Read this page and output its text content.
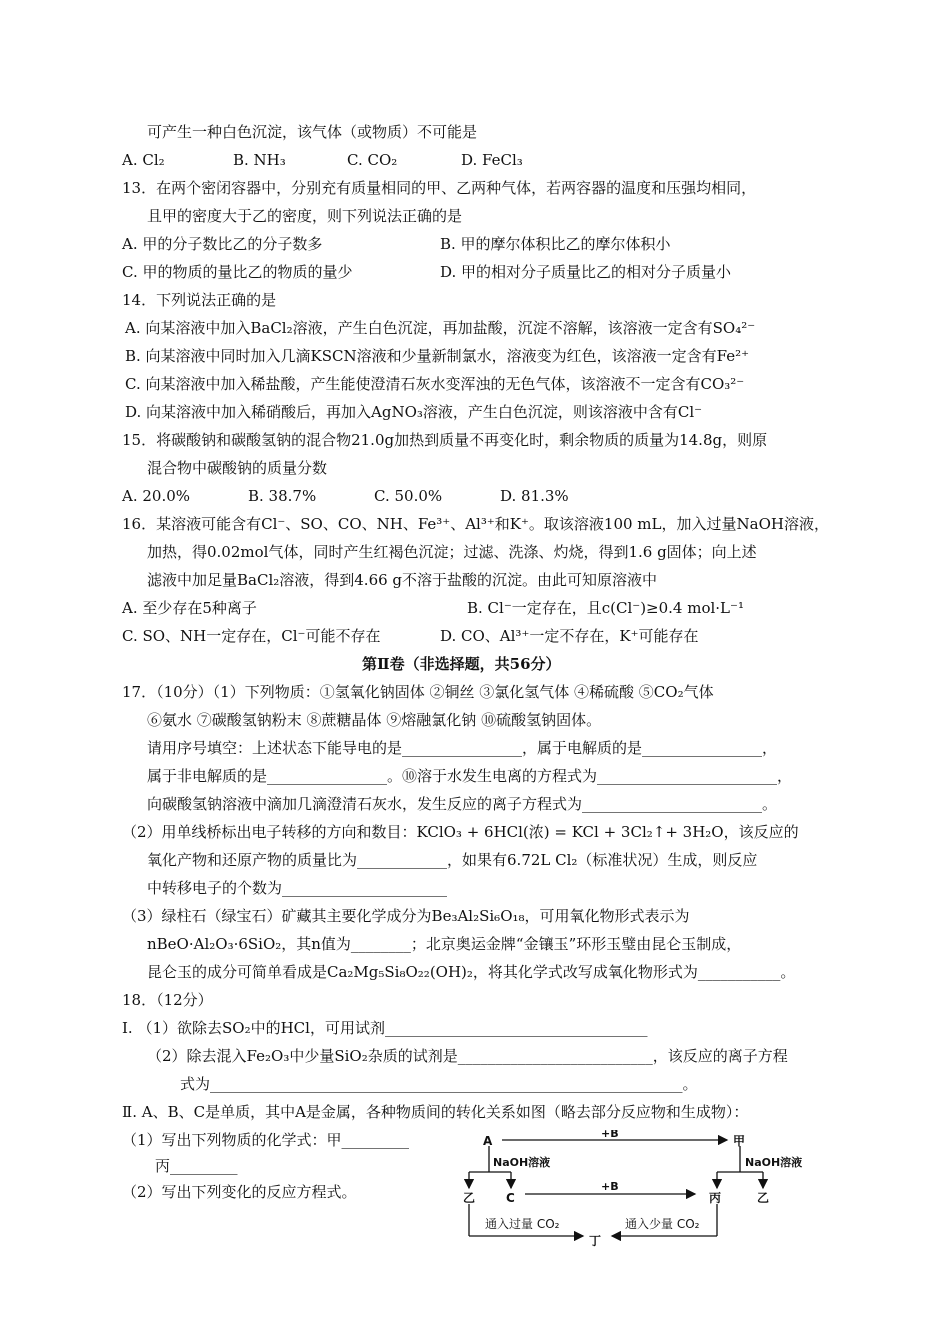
可产生一种白色沉淀，该气体（或物质）不可能是
A. Cl₂	B. NH₃	C. CO₂	D. FeCl₃
13．在两个密闭容器中，分别充有质量相同的甲、乙两种气体，若两容器的温度和压强均相同，
且甲的密度大于乙的密度，则下列说法正确的是
A. 甲的分子数比乙的分子数多	B. 甲的摩尔体积比乙的摩尔体积小
C. 甲的物质的量比乙的物质的量少	D. 甲的相对分子质量比乙的相对分子质量小
14．下列说法正确的是
A. 向某溶液中加入BaCl₂溶液，产生白色沉淀，再加盐酸，沉淀不溶解，该溶液一定含有SO₄²⁻
B. 向某溶液中同时加入几滴KSCN溶液和少量新制氯水，溶液变为红色，该溶液一定含有Fe²⁺
C. 向某溶液中加入稀盐酸，产生能使澄清石灰水变浑浊的无色气体，该溶液不一定含有CO₃²⁻
D. 向某溶液中加入稀硝酸后，再加入AgNO₃溶液，产生白色沉淀，则该溶液中含有Cl⁻
15．将碳酸钠和碳酸氢钠的混合物21.0g加热到质量不再变化时，剩余物质的质量为14.8g，则原
混合物中碳酸钠的质量分数
A. 20.0%	B. 38.7%	C. 50.0%	D. 81.3%
16．某溶液可能含有Cl⁻、SO、CO、NH、Fe³⁺、Al³⁺和K⁺。取该溶液100 mL，加入过量NaOH溶液，
加热，得0.02mol气体，同时产生红褐色沉淀；过滤、洗涤、灼烧，得到1.6 g固体；向上述
滤液中加足量BaCl₂溶液，得到4.66 g不溶于盐酸的沉淀。由此可知原溶液中
A. 至少存在5种离子	B. Cl⁻一定存在，且c(Cl⁻)≥0.4 mol·L⁻¹
C. SO、NH一定存在，Cl⁻可能不存在	D. CO、Al³⁺一定不存在，K⁺可能存在
第Ⅱ卷（非选择题，共56分）
17．（10分）（1）下列物质：①氢氧化钠固体 ②铜丝 ③氯化氢气体 ④稀硫酸 ⑤CO₂气体
⑥氨水 ⑦碳酸氢钠粉末 ⑧蔗糖晶体 ⑨熔融氯化钠 ⑩硫酸氢钠固体。
请用序号填空：上述状态下能导电的是________________，属于电解质的是________________，
属于非电解质的是________________。⑩溶于水发生电离的方程式为________________________，
向碳酸氢钠溶液中滴加几滴澄清石灰水，发生反应的离子方程式为________________________。
（2）用单线桥标出电子转移的方向和数目：KClO₃ + 6HCl(浓) = KCl + 3Cl₂↑+ 3H₂O，该反应的
氧化产物和还原产物的质量比为____________，如果有6.72L Cl₂（标准状况）生成，则反应
中转移电子的个数为______________________
（3）绿柱石（绿宝石）矿藏其主要化学成分为Be₃Al₂Si₆O₁₈，可用氧化物形式表示为
nBeO·Al₂O₃·6SiO₂，其n值为________；北京奥运金牌“金镶玉”环形玉璧由昆仑玉制成，
昆仑玉的成分可简单看成是Ca₂Mg₅Si₈O₂₂(OH)₂，将其化学式改写成氧化物形式为___________。
18．（12分）
Ⅰ. （1）欲除去SO₂中的HCl，可用试剂___________________________________
（2）除去混入Fe₂O₃中少量SiO₂杂质的试剂是__________________________，该反应的离子方程
式为_______________________________________________________________。
Ⅱ. A、B、C是单质，其中A是金属，各种物质间的转化关系如图（略去部分反应物和生成物）：
（1）写出下列物质的化学式：甲_________
丙_________
（2）写出下列变化的反应方程式。
A	甲
+B
NaOH溶液	NaOH溶液
乙	C
+B
丙	乙
通入过量 CO₂	通入少量 CO₂
丁
